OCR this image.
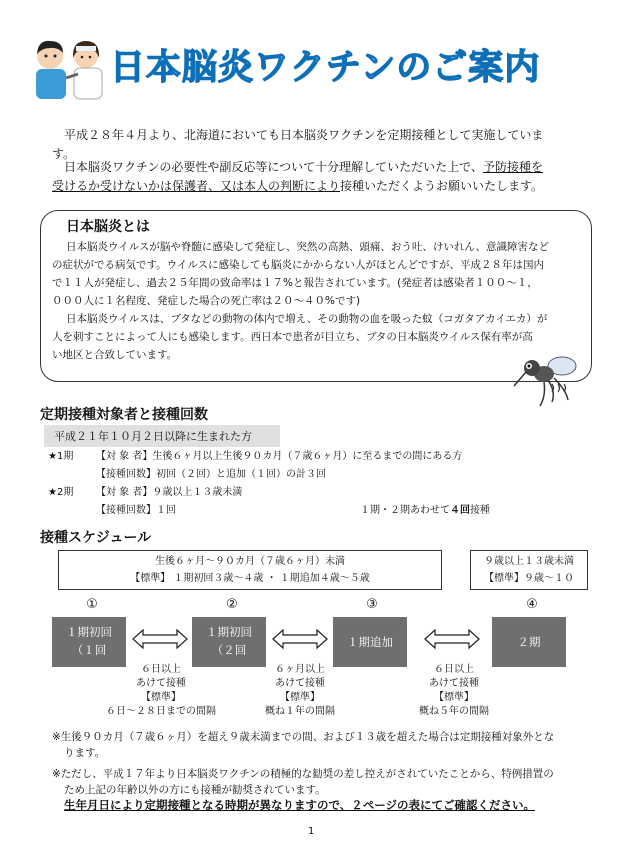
日本脳炎ワクチンのご案内
平成２８年４月より、北海道においても日本脳炎ワクチンを定期接種として実施していま
す。
日本脳炎ワクチンの必要性や副反応等について十分理解していただいた上で、予防接種を
受けるか受けないかは保護者、又は本人の判断により接種いただくようお願いいたします。
日本脳炎とは
日本脳炎ウイルスが脳や脊髄に感染して発症し、突然の高熱、頭痛、おう吐、けいれん、意識障害など
の症状がでる病気です。ウイルスに感染しても脳炎にかからない人がほとんどですが、平成２８年は国内
で１１人が発症し、過去２５年間の致命率は１７%と報告されています。(発症者は感染者１００～１，
０００人に１名程度、発症した場合の死亡率は２０～４０%です)
日本脳炎ウイルスは、ブタなどの動物の体内で増え、その動物の血を吸った蚊（コガタアカイエカ）が
人を刺すことによって人にも感染します。西日本で患者が目立ち、ブタの日本脳炎ウイルス保有率が高
い地区と合致しています。
定期接種対象者と接種回数
平成２１年１０月２日以降に生まれた方
★1期 【対 象 者】生後６ヶ月以上生後９０カ月（７歳６ヶ月）に至るまでの間にある方
【接種回数】初回（２回）と追加（１回）の計３回
★2期 【対 象 者】９歳以上１３歳未満
【接種回数】１回	１期・２期あわせて４回接種
接種スケジュール
生後６ヶ月～９０カ月（７歳６ヶ月）未満
【標準】 １期初回３歳～４歳 ・ １期追加４歳～５歳
９歳以上１３歳未満
【標準】９歳～１０
①	②	③	④
１期初回
（１回
１期初回
（２回
１期追加	２期
６日以上
あけて接種
【標準】
６日～２８日までの間隔
６ヶ月以上
あけて接種
【標準】
概ね１年の間隔
６日以上
あけて接種
【標準】
概ね５年の間隔
※生後９０カ月（７歳６ヶ月）を超え９歳未満までの間、および１３歳を超えた場合は定期接種対象外とな
ります。
※ただし、平成１７年より日本脳炎ワクチンの積極的な勧奨の差し控えがされていたことから、特例措置の
ため上記の年齢以外の方にも接種が勧奨されています。
生年月日により定期接種となる時期が異なりますので、２ページの表にてご確認ください。
1
